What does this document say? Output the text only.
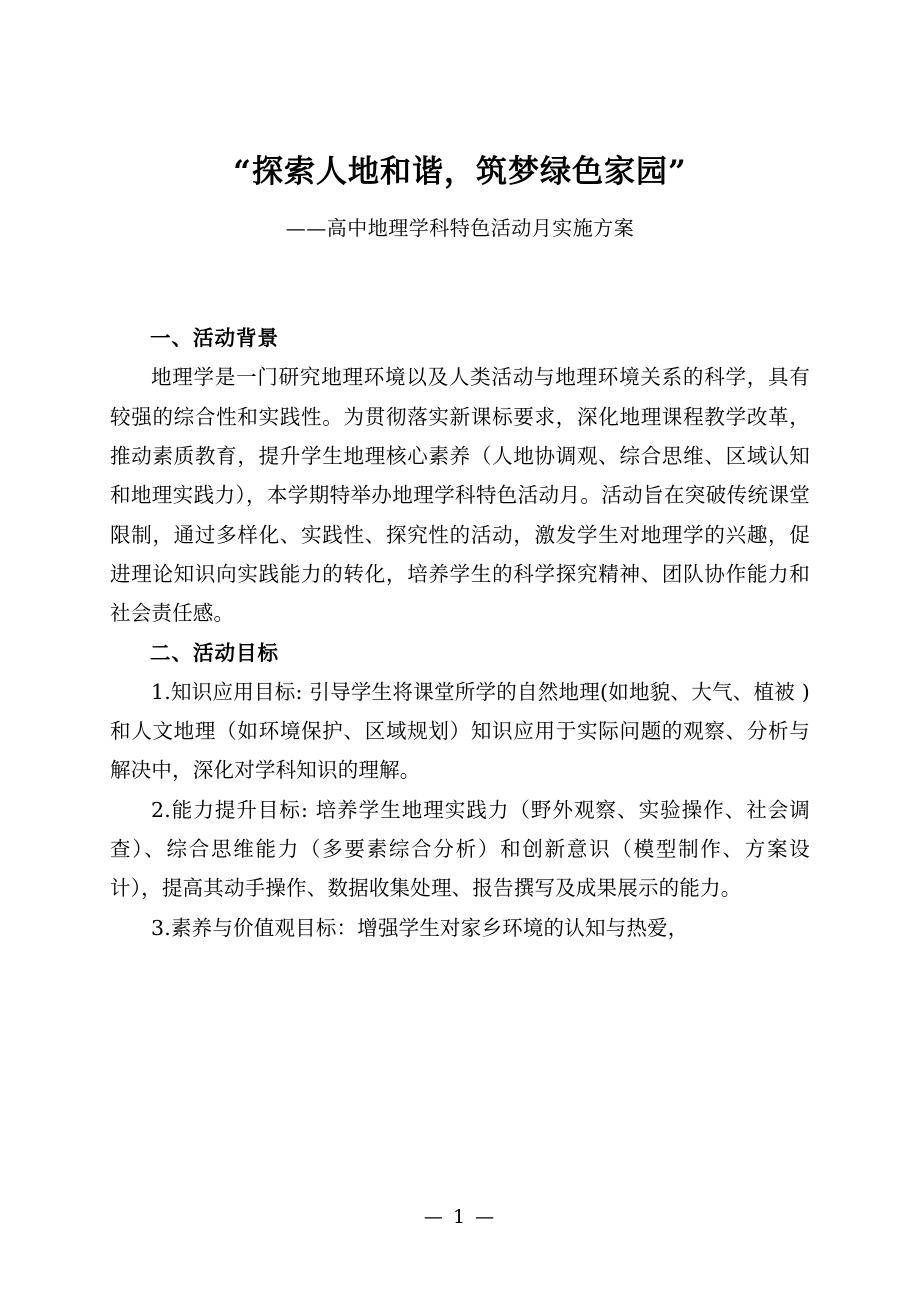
“探索人地和谐，筑梦绿色家园”

——高中地理学科特色活动月实施方案

一、活动背景

地理学是一门研究地理环境以及人类活动与地理环境关系的科学，具有较强的综合性和实践性。为贯彻落实新课标要求，深化地理课程教学改革，推动素质教育，提升学生地理核心素养（人地协调观、综合思维、区域认知和地理实践力），本学期特举办地理学科特色活动月。活动旨在突破传统课堂限制，通过多样化、实践性、探究性的活动，激发学生对地理学的兴趣，促进理论知识向实践能力的转化，培养学生的科学探究精神、团队协作能力和社会责任感。

二、活动目标

1.知识应用目标: 引导学生将课堂所学的自然地理(如地貌、大气、植被 ) 和人文地理（如环境保护、区域规划）知识应用于实际问题的观察、分析与解决中，深化对学科知识的理解。

2.能力提升目标: 培养学生地理实践力（野外观察、实验操作、社会调查）、综合思维能力（多要素综合分析）和创新意识（模型制作、方案设计），提高其动手操作、数据收集处理、报告撰写及成果展示的能力。

3.素养与价值观目标：增强学生对家乡环境的认知与热爱，

— 1 —
